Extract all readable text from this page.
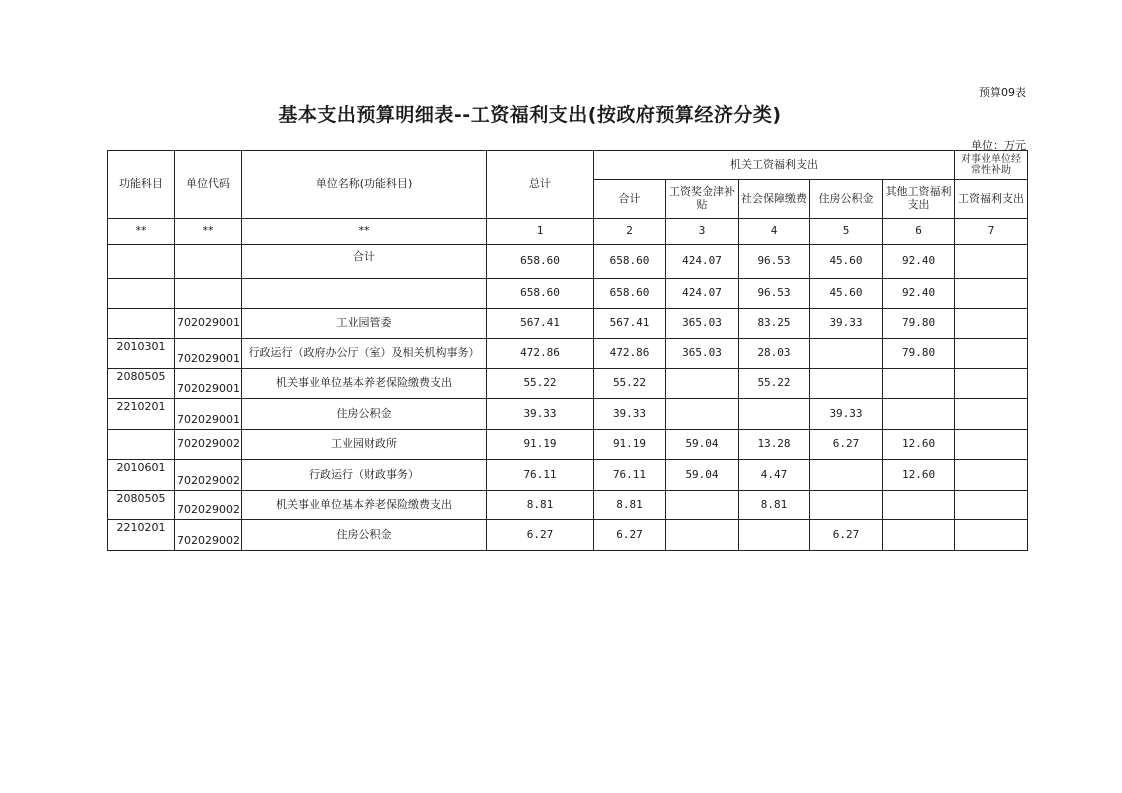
预算09表
基本支出预算明细表--工资福利支出(按政府预算经济分类)
单位：万元
功能科目	单位代码	单位名称(功能科目)	总计	机关工资福利支出					对事业单位经常性补助
				合计	工资奖金津补贴	社会保障缴费	住房公积金	其他工资福利支出	工资福利支出
**	**	**	1	2	3	4	5	6	7
		合计	658.60	658.60	424.07	96.53	45.60	92.40	
			658.60	658.60	424.07	96.53	45.60	92.40	
	702029001	工业园管委	567.41	567.41	365.03	83.25	39.33	79.80	
2010301	702029001	行政运行（政府办公厅（室）及相关机构事务）	472.86	472.86	365.03	28.03		79.80	
2080505	702029001	机关事业单位基本养老保险缴费支出	55.22	55.22		55.22			
2210201	702029001	住房公积金	39.33	39.33			39.33		
	702029002	工业园财政所	91.19	91.19	59.04	13.28	6.27	12.60	
2010601	702029002	行政运行（财政事务）	76.11	76.11	59.04	4.47		12.60	
2080505	702029002	机关事业单位基本养老保险缴费支出	8.81	8.81		8.81			
2210201	702029002	住房公积金	6.27	6.27			6.27		
